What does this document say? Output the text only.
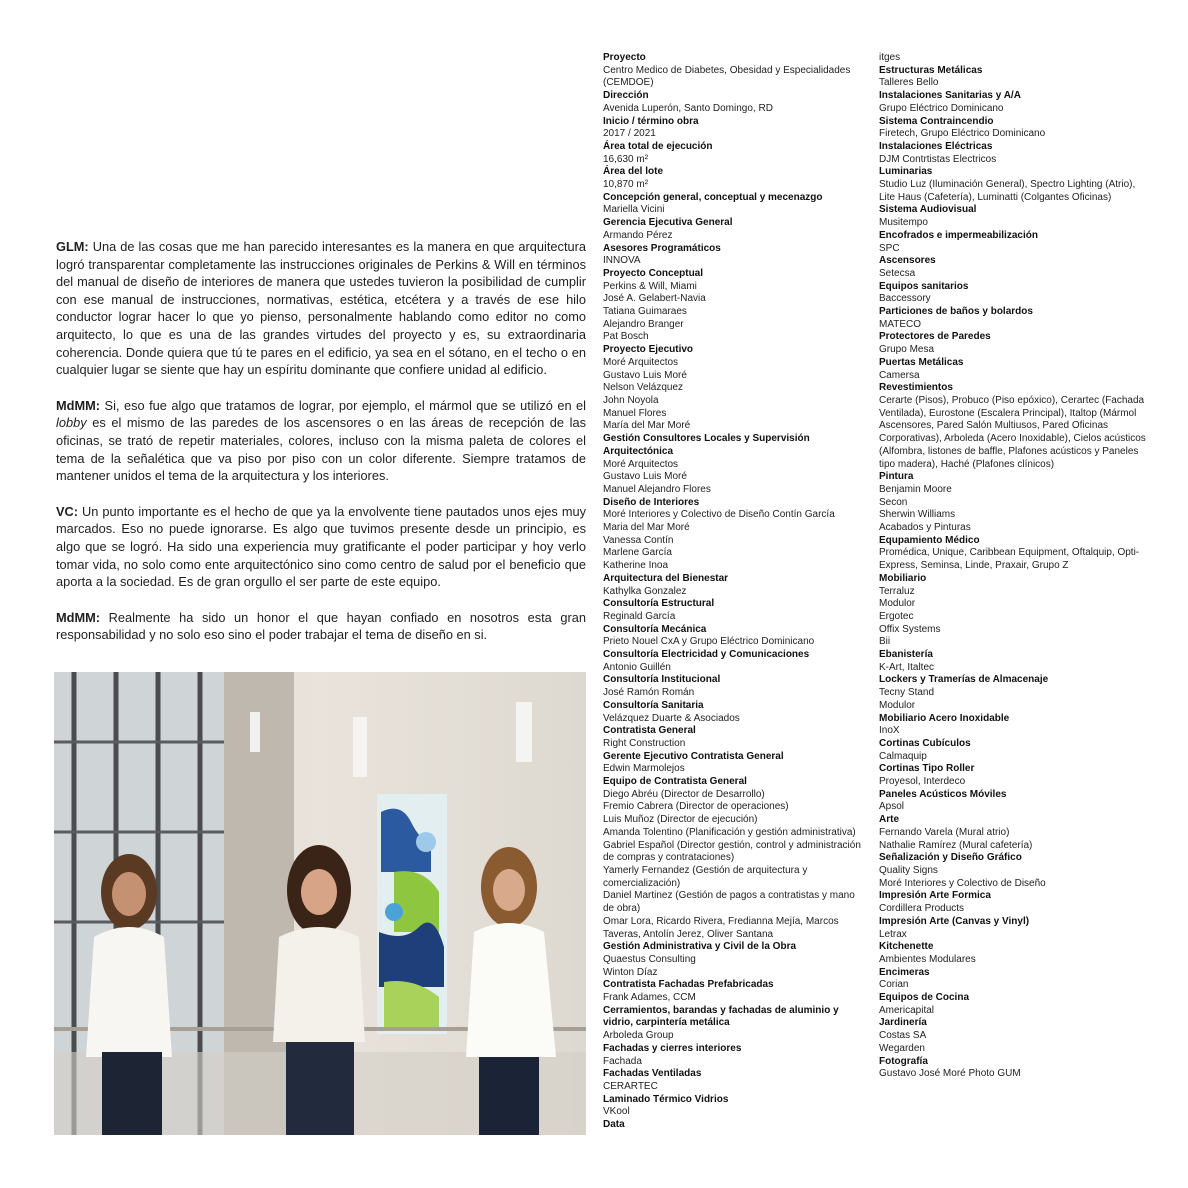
GLM: Una de las cosas que me han parecido interesantes es la manera en que arquitectura logró transparentar completamente las instrucciones originales de Perkins & Will en términos del manual de diseño de interiores de manera que ustedes tuvieron la posibilidad de cumplir con ese manual de instrucciones, normativas, estética, etcétera y a través de ese hilo conductor lograr hacer lo que yo pienso, personalmente hablando como editor no como arquitecto, lo que es una de las grandes virtudes del proyecto y es, su extraordinaria coherencia. Donde quiera que tú te pares en el edificio, ya sea en el sótano, en el techo o en cualquier lugar se siente que hay un espíritu dominante que confiere unidad al edificio.

MdMM: Si, eso fue algo que tratamos de lograr, por ejemplo, el mármol que se utilizó en el lobby es el mismo de las paredes de los ascensores o en las áreas de recepción de las oficinas, se trató de repetir materiales, colores, incluso con la misma paleta de colores el tema de la señalética que va piso por piso con un color diferente. Siempre tratamos de mantener unidos el tema de la arquitectura y los interiores.

VC: Un punto importante es el hecho de que ya la envolvente tiene pautados unos ejes muy marcados. Eso no puede ignorarse. Es algo que tuvimos presente desde un principio, es algo que se logró. Ha sido una experiencia muy gratificante el poder participar y hoy verlo tomar vida, no solo como ente arquitectónico sino como centro de salud por el beneficio que aporta a la sociedad. Es de gran orgullo el ser parte de este equipo.

MdMM: Realmente ha sido un honor el que hayan confiado en nosotros esta gran responsabilidad y no solo eso sino el poder trabajar el tema de diseño en si.

Proyecto
Centro Medico de Diabetes, Obesidad y Especialidades (CEMDOE)
Dirección
Avenida Luperón, Santo Domingo, RD
Inicio / término obra
2017 / 2021
Área total de ejecución
16,630 m²
Área del lote
10,870 m²
Concepción general, conceptual y mecenazgo
Mariella Vicini
Gerencia Ejecutiva General
Armando Pérez
Asesores Programáticos
INNOVA
Proyecto Conceptual
Perkins & Will, Miami
José A. Gelabert-Navia
Tatiana Guimaraes
Alejandro Branger
Pat Bosch
Proyecto Ejecutivo
Moré Arquitectos
Gustavo Luis Moré
Nelson Velázquez
John Noyola
Manuel Flores
María del Mar Moré
Gestión Consultores Locales y Supervisión Arquitectónica
Moré Arquitectos
Gustavo Luis Moré
Manuel Alejandro Flores
Diseño de Interiores
Moré Interiores y Colectivo de Diseño Contín García
Maria del Mar Moré
Vanessa Contín
Marlene García
Katherine Inoa
Arquitectura del Bienestar
Kathylka Gonzalez
Consultoría Estructural
Reginald García
Consultoría Mecánica
Prieto Nouel CxA y Grupo Eléctrico Dominicano
Consultoría Electricidad y Comunicaciones
Antonio Guillén
Consultoría Institucional
José Ramón Román
Consultoría Sanitaria
Velázquez Duarte & Asociados
Contratista General
Right Construction
Gerente Ejecutivo Contratista General
Edwin Marmolejos
Equipo de Contratista General
Diego Abréu (Director de Desarrollo)
Fremio Cabrera (Director de operaciones)
Luis Muñoz (Director de ejecución)
Amanda Tolentino (Planificación y gestión administrativa)
Gabriel Español (Director gestión, control y administración de compras y contrataciones)
Yamerly Fernandez (Gestión de arquitectura y comercialización)
Daniel Martinez (Gestión de pagos a contratistas y mano de obra)
Omar Lora, Ricardo Rivera, Fredianna Mejía, Marcos Taveras, Antolín Jerez, Oliver Santana
Gestión Administrativa y Civil de la Obra
Quaestus Consulting
Winton Díaz
Contratista Fachadas Prefabricadas
Frank Adames, CCM
Cerramientos, barandas y fachadas de aluminio y vidrio, carpintería metálica
Arboleda Group
Fachadas y cierres interiores
Fachada
Fachadas Ventiladas
CERARTEC
Laminado Térmico Vidrios
VKool
Data
itges
Estructuras Metálicas
Talleres Bello
Instalaciones Sanitarias y A/A
Grupo Eléctrico Dominicano
Sistema Contraincendio
Firetech, Grupo Eléctrico Dominicano
Instalaciones Eléctricas
DJM Contrtistas Electricos
Luminarias
Studio Luz (Iluminación General), Spectro Lighting (Atrio), Lite Haus (Cafetería), Luminatti (Colgantes Oficinas)
Sistema Audiovisual
Musitempo
Encofrados e impermeabilización
SPC
Ascensores
Setecsa
Equipos sanitarios
Baccessory
Particiones de baños y bolardos
MATECO
Protectores de Paredes
Grupo Mesa
Puertas Metálicas
Camersa
Revestimientos
Cerarte (Pisos), Probuco (Piso epóxico), Cerartec (Fachada Ventilada), Eurostone (Escalera Principal), Italtop (Mármol Ascensores, Pared Salón Multiusos, Pared Oficinas Corporativas), Arboleda (Acero Inoxidable), Cielos acústicos (Alfombra, listones de baffle, Plafones acústicos y Paneles tipo madera), Haché (Plafones clínicos)
Pintura
Benjamin Moore
Secon
Sherwin Williams
Acabados y Pinturas
Equpamiento Médico
Promédica, Unique, Caribbean Equipment, Oftalquip, Opti-Express, Seminsa, Linde, Praxair, Grupo Z
Mobiliario
Terraluz
Modulor
Ergotec
Offix Systems
Bii
Ebanistería
K-Art, Italtec
Lockers y Tramerías de Almacenaje
Tecny Stand
Modulor
Mobiliario Acero Inoxidable
InoX
Cortinas Cubículos
Calmaquip
Cortinas Tipo Roller
Proyesol, Interdeco
Paneles Acústicos Móviles
Apsol
Arte
Fernando Varela (Mural atrio)
Nathalie Ramírez (Mural cafetería)
Señalización y Diseño Gráfico
Quality Signs
Moré Interiores y Colectivo de Diseño
Impresión Arte Formica
Cordillera Products
Impresión Arte (Canvas y Vinyl)
Letrax
Kitchenette
Ambientes Modulares
Encimeras
Corian
Equipos de Cocina
Americapital
Jardinería
Costas SA
Wegarden
Fotografía
Gustavo José Moré Photo GUM
